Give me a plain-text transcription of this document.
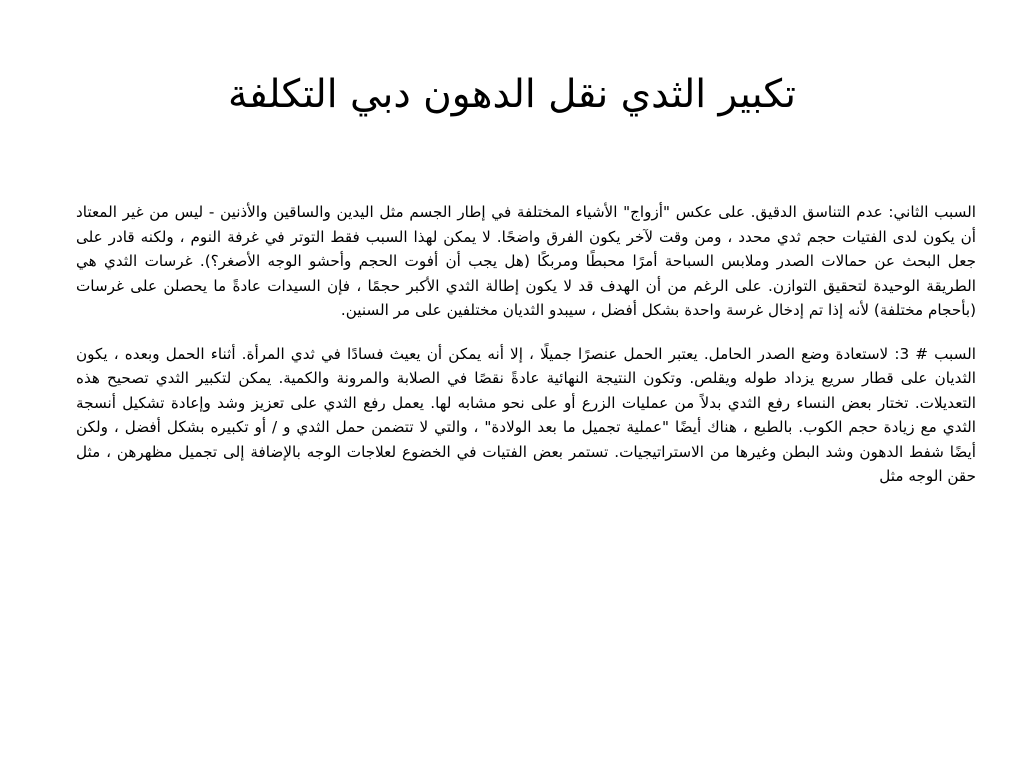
تكبير الثدي نقل الدهون دبي التكلفة

السبب الثاني: عدم التناسق الدقيق. على عكس "أزواج" الأشياء المختلفة في إطار الجسم مثل اليدين والساقين والأذنين - ليس من غير المعتاد أن يكون لدى الفتيات حجم ثدي محدد ، ومن وقت لآخر يكون الفرق واضحًا. لا يمكن لهذا السبب فقط التوتر في غرفة النوم ، ولكنه قادر على جعل البحث عن حمالات الصدر وملابس السباحة أمرًا محبطًا ومربكًا (هل يجب أن أفوت الحجم وأحشو الوجه الأصغر؟). غرسات الثدي هي الطريقة الوحيدة لتحقيق التوازن. على الرغم من أن الهدف قد لا يكون إطالة الثدي الأكبر حجمًا ، فإن السيدات عادةً ما يحصلن على غرسات (بأحجام مختلفة) لأنه إذا تم إدخال غرسة واحدة بشكل أفضل ، سيبدو الثديان مختلفين على مر السنين.

السبب # 3: لاستعادة وضع الصدر الحامل. يعتبر الحمل عنصرًا جميلًا ، إلا أنه يمكن أن يعيث فسادًا في ثدي المرأة. أثناء الحمل وبعده ، يكون الثديان على قطار سريع يزداد طوله ويقلص. وتكون النتيجة النهائية عادةً نقصًا في الصلابة والمرونة والكمية. يمكن لتكبير الثدي تصحيح هذه التعديلات. تختار بعض النساء رفع الثدي بدلاً من عمليات الزرع أو على نحو مشابه لها. يعمل رفع الثدي على تعزيز وشد وإعادة تشكيل أنسجة الثدي مع زيادة حجم الكوب. بالطبع ، هناك أيضًا "عملية تجميل ما بعد الولادة" ، والتي لا تتضمن حمل الثدي و / أو تكبيره بشكل أفضل ، ولكن أيضًا شفط الدهون وشد البطن وغيرها من الاستراتيجيات. تستمر بعض الفتيات في الخضوع لعلاجات الوجه بالإضافة إلى تجميل مظهرهن ، مثل حقن الوجه مثل
